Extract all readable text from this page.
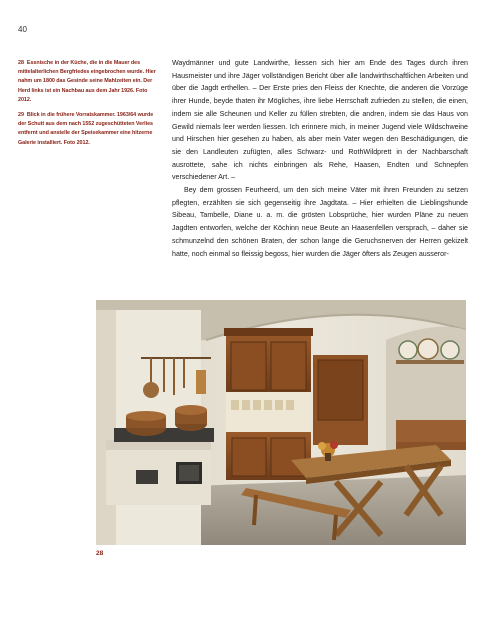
40

28 Essnische in der Küche, die in die Mauer des mittelalterlichen Bergfriedes eingebrochen wurde. Hier nahm um 1800 das Gesinde seine Mahlzeiten ein. Der Herd links ist ein Nachbau aus dem Jahr 1926. Foto 2012.

29 Blick in die frühere Vorratskammer. 1963/64 wurde der Schutt aus dem nach 1552 zugeschütteten Verlies entfernt und anstelle der Speisekammer eine hitzerne Galerie installiert. Foto 2012.

Waydmänner und gute Landwirthe, liessen sich hier am Ende des Tages durch ihren Hausmeister und ihre Jäger vollständigen Bericht über alle landwirthschaftlichen Arbeiten und über die Jagdt erthellen. – Der Erste pries den Fleiss der Knechte, die anderen die Vorzüge ihrer Hunde, beyde thaten ihr Mögliches, ihre liebe Herrschaft zufrieden zu stellen, die einen, indem sie alle Scheunen und Keller zu füllen strebten, die andren, indem sie das Haus von Gewild niemals leer werden liessen. Ich erinnere mich, in meiner Jugend viele Wildschweine und Hirschen hier gesehen zu haben, als aber mein Vater wegen den Beschädigungen, die sie den Landleuten zufügten, alles Schwarz- und RothWildprett in der Nachbarschaft ausrottete, sahe ich nichts einbringen als Rehe, Haasen, Endten und Schnepfen verschiedener Art. –

Bey dem grossen Feurheerd, um den sich meine Väter mit ihren Freunden zu setzen pflegten, erzählten sie sich gegenseitig ihre Jagdtata. – Hier erhielten die Lieblingshunde Sibeau, Tambelle, Diane u. a. m. die grösten Lobsprüche, hier wurden Pläne zu neuen Jagdten entworfen, welche der Köchinn neue Beute an Haasenfellen versprach, – daher sie schmunzelnd den schönen Braten, der schon lange die Geruchsnerven der Herren gekizelt hatte, noch einmal so fleissig begoss, hier wurden die Jäger öfters als Zeugen ausseror-

28
